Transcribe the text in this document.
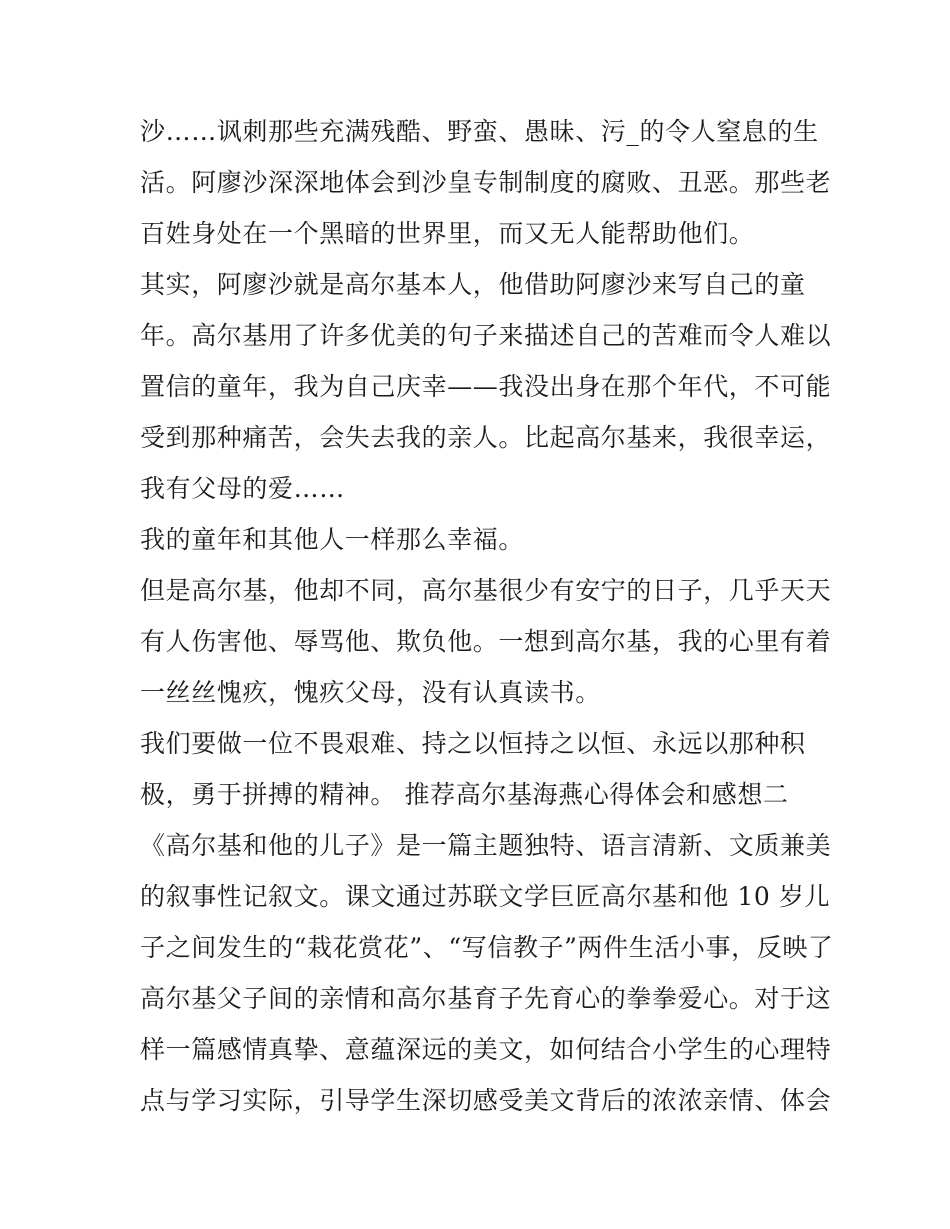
沙……讽刺那些充满残酷、野蛮、愚昧、污_的令人窒息的生
活。阿廖沙深深地体会到沙皇专制制度的腐败、丑恶。那些老
百姓身处在一个黑暗的世界里，而又无人能帮助他们。
其实，阿廖沙就是高尔基本人，他借助阿廖沙来写自己的童
年。高尔基用了许多优美的句子来描述自己的苦难而令人难以
置信的童年，我为自己庆幸——我没出身在那个年代，不可能
受到那种痛苦，会失去我的亲人。比起高尔基来，我很幸运，
我有父母的爱……
我的童年和其他人一样那么幸福。
但是高尔基，他却不同，高尔基很少有安宁的日子，几乎天天
有人伤害他、辱骂他、欺负他。一想到高尔基，我的心里有着
一丝丝愧疚，愧疚父母，没有认真读书。
我们要做一位不畏艰难、持之以恒持之以恒、永远以那种积
极，勇于拼搏的精神。 推荐高尔基海燕心得体会和感想二
《高尔基和他的儿子》是一篇主题独特、语言清新、文质兼美
的叙事性记叙文。课文通过苏联文学巨匠高尔基和他 10 岁儿
子之间发生的“栽花赏花”、“写信教子”两件生活小事，反映了
高尔基父子间的亲情和高尔基育子先育心的拳拳爱心。对于这
样一篇感情真挚、意蕴深远的美文，如何结合小学生的心理特
点与学习实际，引导学生深切感受美文背后的浓浓亲情、体会
